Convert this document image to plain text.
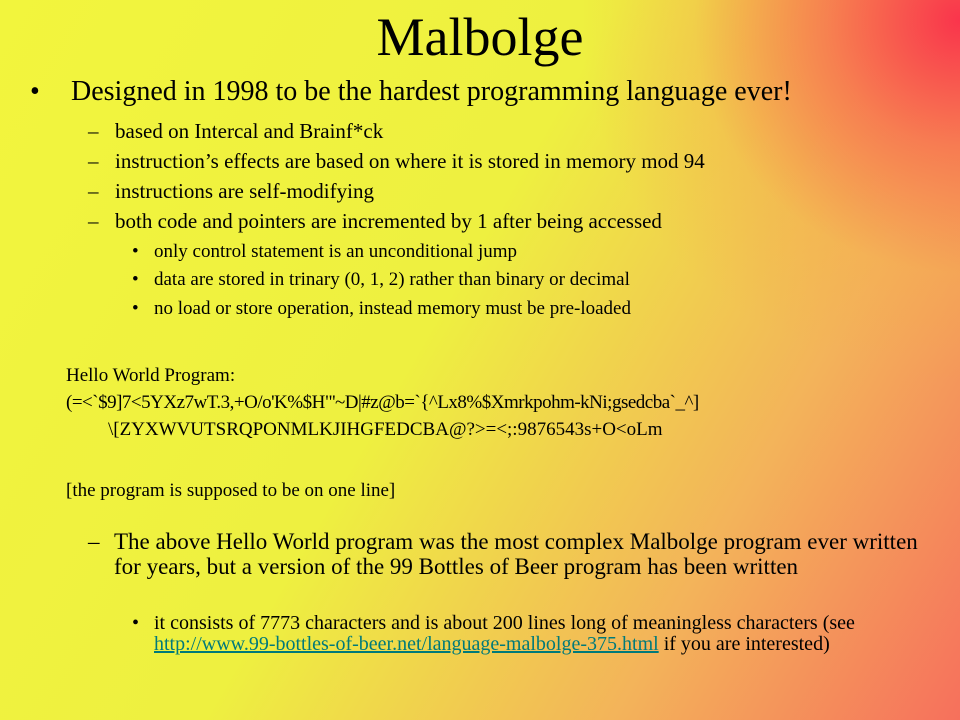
Malbolge
• Designed in 1998 to be the hardest programming language ever!
– based on Intercal and Brainf*ck
– instruction’s effects are based on where it is stored in memory mod 94
– instructions are self-modifying
– both code and pointers are incremented by 1 after being accessed
• only control statement is an unconditional jump
• data are stored in trinary (0, 1, 2) rather than binary or decimal
• no load or store operation, instead memory must be pre-loaded
Hello World Program:
(=<`$9]7<5YXz7wT.3,+O/o'K%$H"'~D|#z@b=`{^Lx8%$Xmrkpohm-kNi;gsedcba`_^]
\[ZYXWVUTSRQPONMLKJIHGFEDCBA@?>=<;:9876543s+O<oLm
[the program is supposed to be on one line]
– The above Hello World program was the most complex Malbolge program ever written for years, but a version of the 99 Bottles of Beer program has been written
• it consists of 7773 characters and is about 200 lines long of meaningless characters (see http://www.99-bottles-of-beer.net/language-malbolge-375.html if you are interested)
